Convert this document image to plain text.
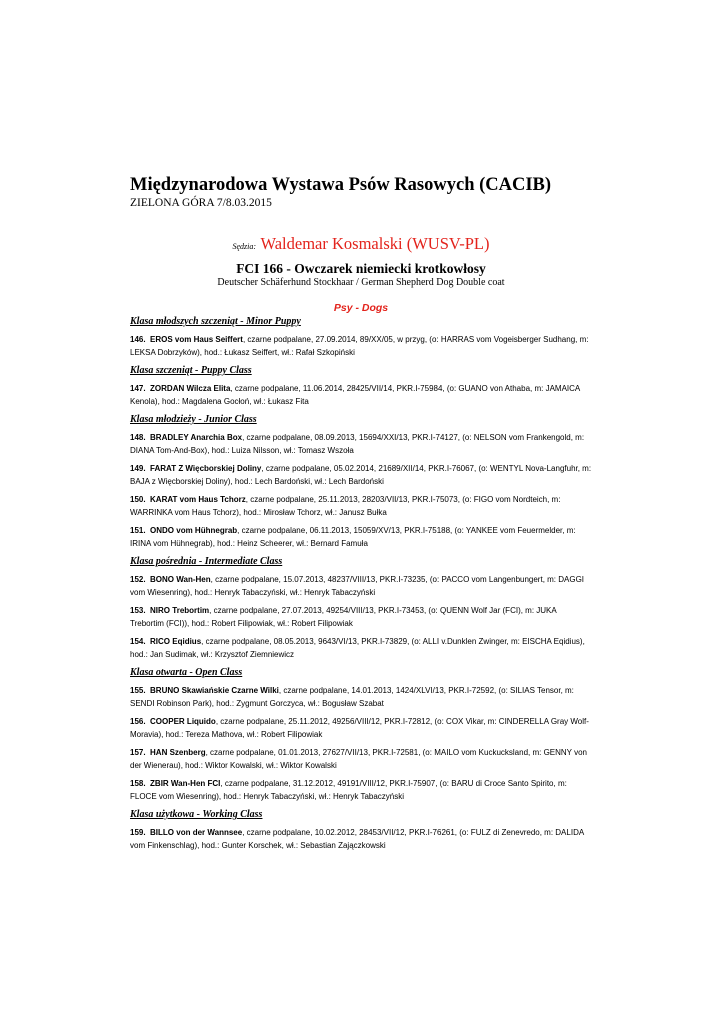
Międzynarodowa Wystawa Psów Rasowych (CACIB)

ZIELONA GÓRA 7/8.03.2015

Sędzia: Waldemar Kosmalski (WUSV-PL)

FCI 166 - Owczarek niemiecki krotkowłosy

Deutscher Schäferhund Stockhaar / German Shepherd Dog Double coat

Psy - Dogs

Klasa młodszych szczeniąt - Minor Puppy

146. EROS vom Haus Seiffert, czarne podpalane, 27.09.2014, 89/XX/05, w przyg, (o: HARRAS vom Vogeisberger Sudhang, m: LEKSA Dobrzyków), hod.: Łukasz Seiffert, wł.: Rafał Szkopiński

Klasa szczeniąt - Puppy Class

147. ZORDAN Wilcza Elita, czarne podpalane, 11.06.2014, 28425/VII/14, PKR.I-75984, (o: GUANO von Athaba, m: JAMAICA Kenola), hod.: Magdalena Gocłoń, wł.: Łukasz Fita

Klasa młodzieży - Junior Class

148. BRADLEY Anarchia Box, czarne podpalane, 08.09.2013, 15694/XXI/13, PKR.I-74127, (o: NELSON vom Frankengold, m: DIANA Tom-And-Box), hod.: Luiza Nilsson, wł.: Tomasz Wszoła

149. FARAT Z Więcborskiej Doliny, czarne podpalane, 05.02.2014, 21689/XII/14, PKR.I-76067, (o: WENTYL Nova-Langfuhr, m: BAJA z Więcborskiej Doliny), hod.: Lech Bardoński, wł.: Lech Bardoński

150. KARAT vom Haus Tchorz, czarne podpalane, 25.11.2013, 28203/VII/13, PKR.I-75073, (o: FIGO vom Nordteich, m: WARRINKA vom Haus Tchorz), hod.: Mirosław Tchorz, wł.: Janusz Bułka

151. ONDO vom Hühnegrab, czarne podpalane, 06.11.2013, 15059/XV/13, PKR.I-75188, (o: YANKEE vom Feuermelder, m: IRINA vom Hühnegrab), hod.: Heinz Scheerer, wł.: Bernard Famuła

Klasa pośrednia - Intermediate Class

152. BONO Wan-Hen, czarne podpalane, 15.07.2013, 48237/VIII/13, PKR.I-73235, (o: PACCO vom Langenbungert, m: DAGGI vom Wiesenring), hod.: Henryk Tabaczyński, wł.: Henryk Tabaczyński

153. NIRO Trebortim, czarne podpalane, 27.07.2013, 49254/VIII/13, PKR.I-73453, (o: QUENN Wolf Jar (FCI), m: JUKA Trebortim (FCI)), hod.: Robert Filipowiak, wł.: Robert Filipowiak

154. RICO Eqidius, czarne podpalane, 08.05.2013, 9643/VI/13, PKR.I-73829, (o: ALLI v.Dunklen Zwinger, m: EISCHA Eqidius), hod.: Jan Sudimak, wł.: Krzysztof Ziemniewicz

Klasa otwarta - Open Class

155. BRUNO Skawiańskie Czarne Wilki, czarne podpalane, 14.01.2013, 1424/XLVI/13, PKR.I-72592, (o: SILIAS Tensor, m: SENDI Robinson Park), hod.: Zygmunt Gorczyca, wł.: Bogusław Szabat

156. COOPER Liquido, czarne podpalane, 25.11.2012, 49256/VIII/12, PKR.I-72812, (o: COX Vikar, m: CINDERELLA Gray Wolf-Moravia), hod.: Tereza Mathova, wł.: Robert Filipowiak

157. HAN Szenberg, czarne podpalane, 01.01.2013, 27627/VII/13, PKR.I-72581, (o: MAILO vom Kuckucksland, m: GENNY von der Wienerau), hod.: Wiktor Kowalski, wł.: Wiktor Kowalski

158. ZBIR Wan-Hen FCI, czarne podpalane, 31.12.2012, 49191/VIII/12, PKR.I-75907, (o: BARU di Croce Santo Spirito, m: FLOCE vom Wiesenring), hod.: Henryk Tabaczyński, wł.: Henryk Tabaczyński

Klasa użytkowa - Working Class

159. BILLO von der Wannsee, czarne podpalane, 10.02.2012, 28453/VII/12, PKR.I-76261, (o: FULZ di Zenevredo, m: DALIDA vom Finkenschlag), hod.: Gunter Korschek, wł.: Sebastian Zajączkowski
